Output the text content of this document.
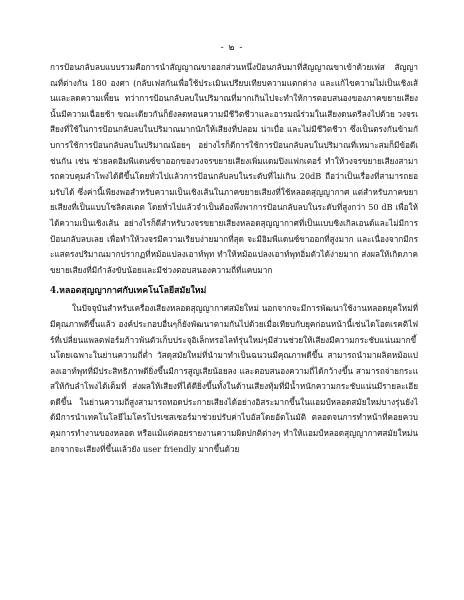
- ๒ -

การป้อนกลับลบแบบรวมคือการนำสัญญาณขาออกส่วนหนึ่งป้อนกลับมาที่สัญญาณขาเข้าด้วยเฟส สัญญาณที่ต่างกัน 180 องศา (กลับเฟสกันเพื่อใช้ประเมินเปรียบเทียบความแตกต่าง และแก้ไขความไม่เป็นเชิงเส้นและลดความเพี้ยน ทว่าการป้อนกลับลบในปริมาณที่มากเกินไปจะทำให้การตอบสนองของภาคขยายเสียงนั้นมีความเฉื่อยช้า ขณะเดียวกันก็ยังลดทอนความมีชีวิตชีวาและอารมณ์ร่วมในเสียงดนตรีลงไปด้วย วงจรเสียงที่ใช้ในการป้อนกลับลบในปริมาณมากนักให้เสียงที่ปลอม น่าเบื่อ และไม่มีชีวิตชีวา ซึ่งเป็นตรงกันข้ามกับการใช้การป้อนกลับลบในปริมาณน้อยๆ อย่างไรก็ดีการใช้การป้อนกลับลบในปริมาณที่เหมาะสมก็มีข้อดีเช่นกัน เช่น ช่วยลดอิมพีแดนซ์ขาออกของวงจรขยายเสียงเพิ่มแดมปิงแฟกเตอร์ ทำให้วงจรขยายเสียงสามารถควบคุมลำโพงได้ดีขึ้นโดยทั่วไปแล้วการป้อนกลับลบในระดับที่ไม่เกิน 20dB ถือว่าเป็นเรื่องที่สามารถยอมรับได้ ซึ่งค่านี้เพียงพอสำหรับความเป็นเชิงเส้นในภาคขยายเสียงที่ใช้หลอดสุญญากาศ แต่สำหรับภาคขยายเสียงที่เป็นแบบโซลิดสเตต โดยทั่วไปแล้วจำเป็นต้องพึ่งพาการป้อนกลับลบในระดับที่สูงกว่า 50 dB เพื่อให้ได้ความเป็นเชิงเส้น อย่างไรก็ดีสำหรับวงจรขยายเสียงหลอดสุญญากาศที่เป็นแบบซิงเกิลเอนด์และไม่มีการป้อนกลับลบเลย เพื่อทำให้วงจรมีความเรียบง่ายมากที่สุด จะมีอิมพีแดนซ์ขาออกที่สูงมาก และเนื่องจากมีกระแสตรงปริมาณมากปรากฏที่หม้อแปลงเอาท์พุท ทำให้หม้อแปลงเอาท์พุทอิ่มตัวได้ง่ายมาก ส่งผลให้เกิดภาคขยายเสียงที่มีกำลังขับน้อยและมีช่วงตอบสนองความถี่ที่แคบมาก

4.หลอดสุญญากาศกับเทคโนโลยีสมัยใหม่

ในปัจจุบันสำหรับเครื่องเสียงหลอดสุญญากาศสมัยใหม่ นอกจากจะมีการพัฒนาใช้งานหลอดยุคใหม่ที่มีคุณภาพดีขึ้นแล้ว องค์ประกอบอื่นๆก็ยังพัฒนาตามกันไปด้วยเมื่อเทียบกับยุคก่อนหน้านี้เช่นไดโอดเรคติไฟร์ที่เปลี่ยนแพลตฟอร์มก้าวพ้นตัวเก็บประจุอิเล็กทรอไลท์รุ่นใหม่ๆมีส่วนช่วยให้เสียงมีความกระชับแน่นมากขึ้นโดยเฉพาะในย่านความถี่ต่ำ วัสดุสมัยใหม่ที่นำมาทำเป็นฉนวนมีคุณภาพดีขึ้น สามารถนำมาผลิตหม้อแปลงเอาท์พุทที่มีประสิทธิภาพดียิ่งขึ้นมีการสูญเสียน้อยลง และตอบสนองความถี่ได้กว้างขึ้น สามารถจ่ายกระแสให้กับลำโพงได้เต็มที่ ส่งผลให้เสียงที่ได้ดียิ่งขึ้นทั้งในด้านเสียงทุ้มที่มีน้ำหนักความกระชับแน่นมีรายละเอียดดีขึ้น ในย่านความถี่สูงสามารถทอดประกายเสียงได้อย่างอิสระมากขึ้นในแอมป์หลอดสมัยใหม่บางรุ่นยังได้มีการนำเทคโนโลยีไมโครโปรเซสเซอร์มาช่วยปรับค่าไบอัสโดยอัตโนมัติ ตลอดจนการทำหน้าที่คอยควบคุมการทำงานของหลอด หรือแม้แต่คอยรายงานความผิดปกติต่างๆ ทำให้แอมป์หลอดสุญญากาศสมัยใหม่นอกจากจะเสียงที่ขึ้นแล้วยัง user friendly มากขึ้นด้วย
